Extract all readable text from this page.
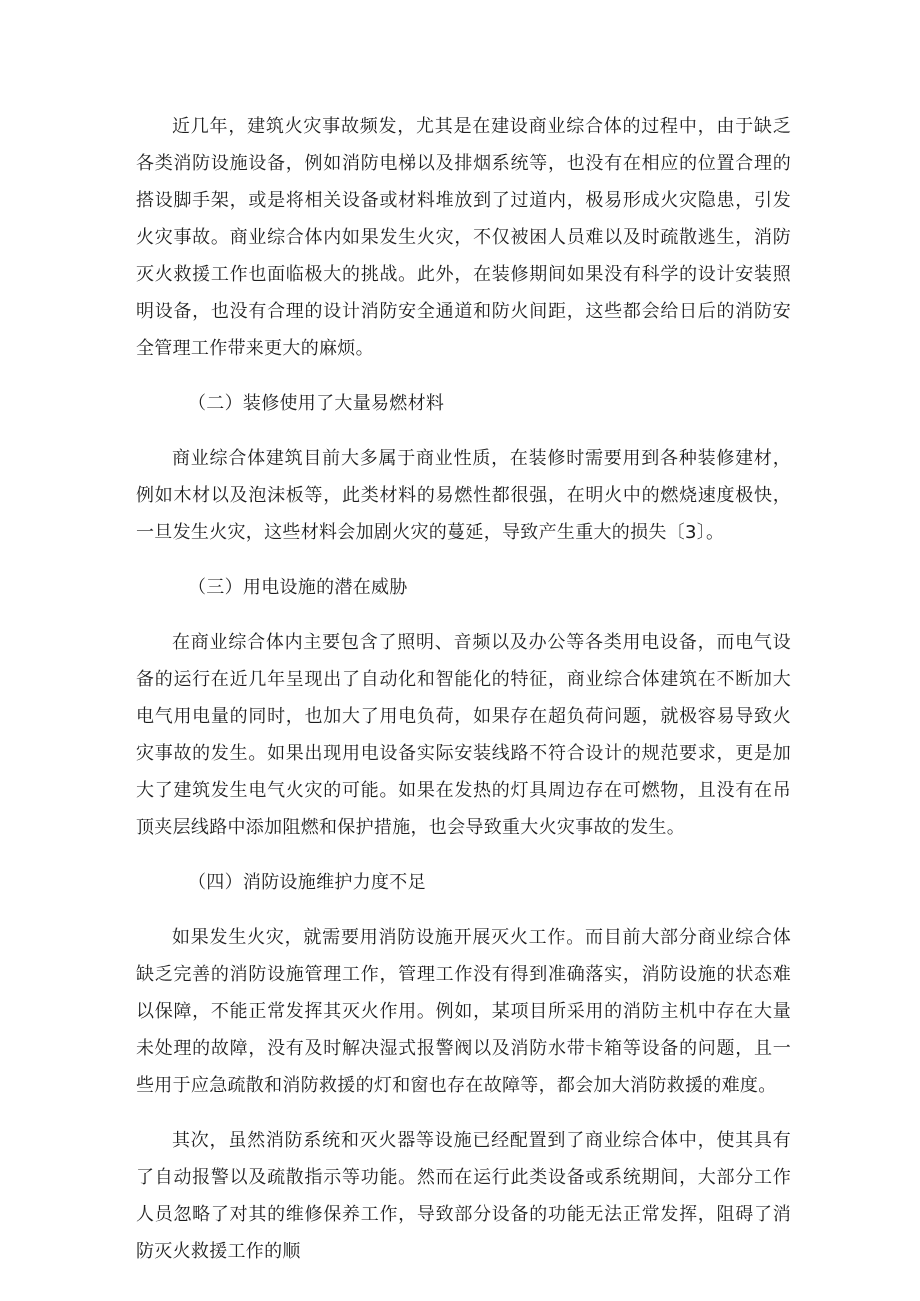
近几年，建筑火灾事故频发，尤其是在建设商业综合体的过程中，由于缺乏各类消防设施设备，例如消防电梯以及排烟系统等，也没有在相应的位置合理的搭设脚手架，或是将相关设备或材料堆放到了过道内，极易形成火灾隐患，引发火灾事故。商业综合体内如果发生火灾，不仅被困人员难以及时疏散逃生，消防灭火救援工作也面临极大的挑战。此外，在装修期间如果没有科学的设计安装照明设备，也没有合理的设计消防安全通道和防火间距，这些都会给日后的消防安全管理工作带来更大的麻烦。

（二）装修使用了大量易燃材料

商业综合体建筑目前大多属于商业性质，在装修时需要用到各种装修建材，例如木材以及泡沫板等，此类材料的易燃性都很强，在明火中的燃烧速度极快，一旦发生火灾，这些材料会加剧火灾的蔓延，导致产生重大的损失〔3〕。

（三）用电设施的潜在威胁

在商业综合体内主要包含了照明、音频以及办公等各类用电设备，而电气设备的运行在近几年呈现出了自动化和智能化的特征，商业综合体建筑在不断加大电气用电量的同时，也加大了用电负荷，如果存在超负荷问题，就极容易导致火灾事故的发生。如果出现用电设备实际安装线路不符合设计的规范要求，更是加大了建筑发生电气火灾的可能。如果在发热的灯具周边存在可燃物，且没有在吊顶夹层线路中添加阻燃和保护措施，也会导致重大火灾事故的发生。

（四）消防设施维护力度不足

如果发生火灾，就需要用消防设施开展灭火工作。而目前大部分商业综合体缺乏完善的消防设施管理工作，管理工作没有得到准确落实，消防设施的状态难以保障，不能正常发挥其灭火作用。例如，某项目所采用的消防主机中存在大量未处理的故障，没有及时解决湿式报警阀以及消防水带卡箱等设备的问题，且一些用于应急疏散和消防救援的灯和窗也存在故障等，都会加大消防救援的难度。

其次，虽然消防系统和灭火器等设施已经配置到了商业综合体中，使其具有了自动报警以及疏散指示等功能。然而在运行此类设备或系统期间，大部分工作人员忽略了对其的维修保养工作，导致部分设备的功能无法正常发挥，阻碍了消防灭火救援工作的顺
